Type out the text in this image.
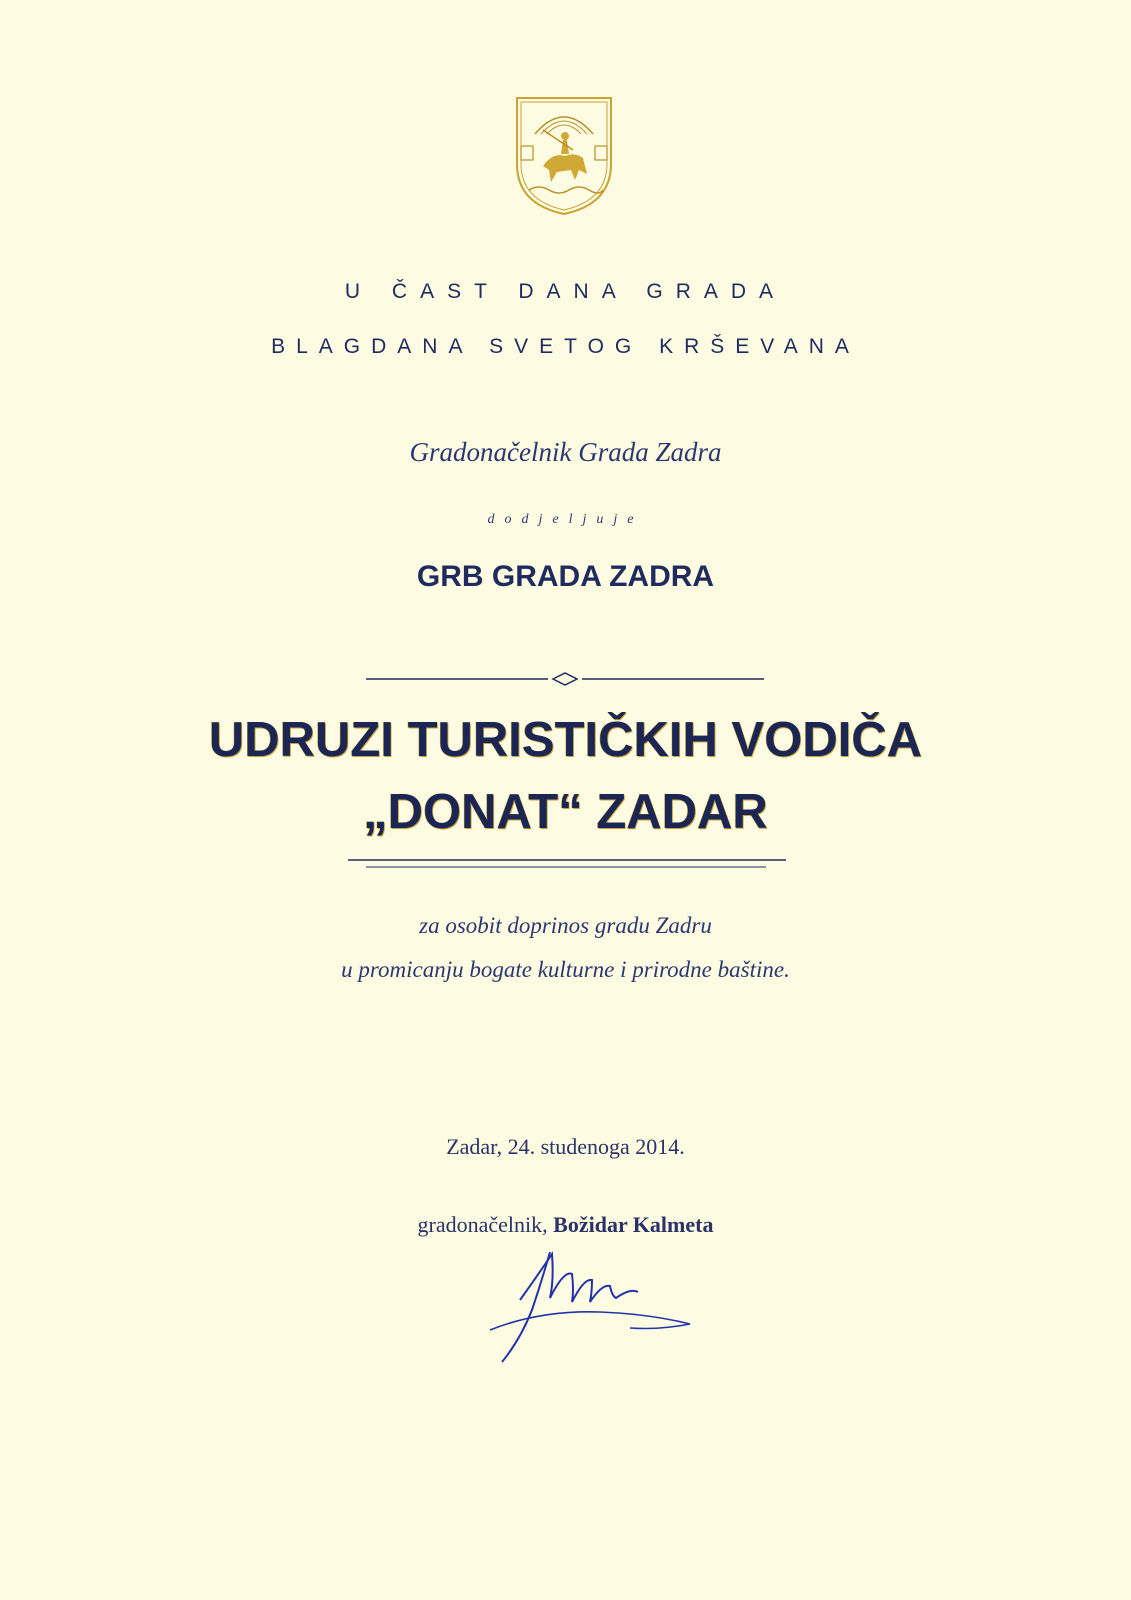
U ČAST DANA GRADA
BLAGDANA SVETOG KRŠEVANA
Gradonačelnik Grada Zadra
dodjeljuje
GRB GRADA ZADRA
UDRUZI TURISTIČKIH VODIČA
„DONAT“ ZADAR
za osobit doprinos gradu Zadru
u promicanju bogate kulturne i prirodne baštine.
Zadar, 24. studenoga 2014.
gradonačelnik, Božidar Kalmeta
